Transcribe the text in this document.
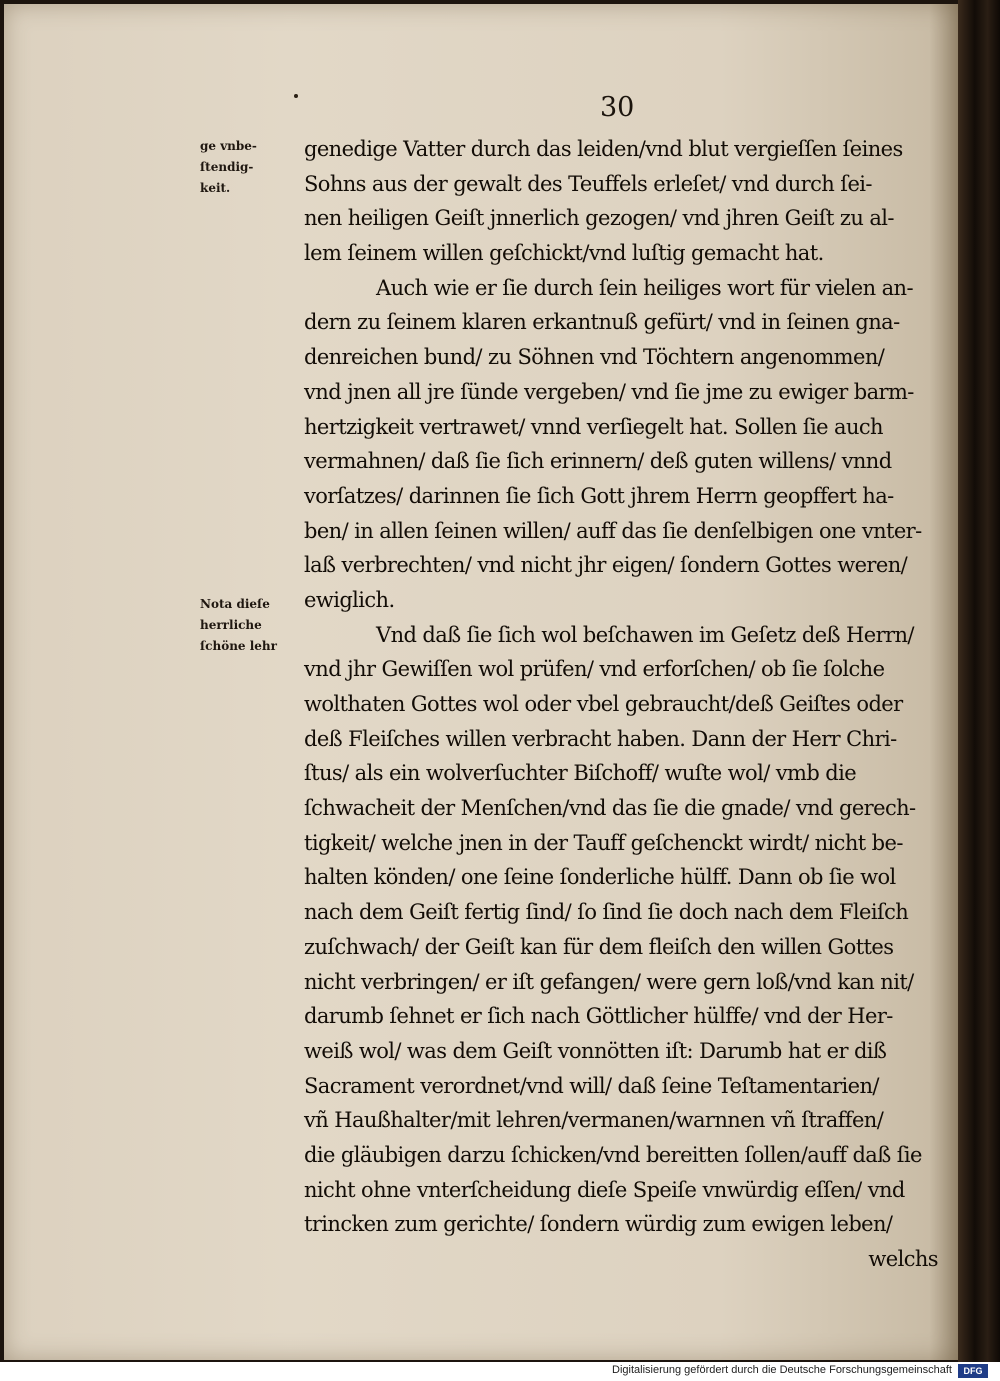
30
ge vnbe-
ſtendig-
keit.
Nota dieſe
herrliche
ſchöne lehr
genedige Vatter durch das leiden/vnd blut vergieſſen ſeines
Sohns aus der gewalt des Teuffels erleſet/ vnd durch ſei-
nen heiligen Geiſt jnnerlich gezogen/ vnd jhren Geiſt zu al-
lem ſeinem willen geſchickt/vnd luſtig gemacht hat.
Auch wie er ſie durch ſein heiliges wort für vielen an-
dern zu ſeinem klaren erkantnuß gefürt/ vnd in ſeinen gna-
denreichen bund/ zu Söhnen vnd Töchtern angenommen/
vnd jnen all jre ſünde vergeben/ vnd ſie jme zu ewiger barm-
hertzigkeit vertrawet/ vnnd verſiegelt hat. Sollen ſie auch
vermahnen/ daß ſie ſich erinnern/ deß guten willens/ vnnd
vorſatzes/ darinnen ſie ſich Gott jhrem Herrn geopffert ha-
ben/ in allen ſeinen willen/ auff das ſie denſelbigen one vnter-
laß verbrechten/ vnd nicht jhr eigen/ ſondern Gottes weren/
ewiglich.
Vnd daß ſie ſich wol beſchawen im Geſetz deß Herrn/
vnd jhr Gewiſſen wol prüfen/ vnd erforſchen/ ob ſie ſolche
wolthaten Gottes wol oder vbel gebraucht/deß Geiſtes oder
deß Fleiſches willen verbracht haben. Dann der Herr Chri-
ſtus/ als ein wolverſuchter Biſchoff/ wuſte wol/ vmb die
ſchwacheit der Menſchen/vnd das ſie die gnade/ vnd gerech-
tigkeit/ welche jnen in der Tauff geſchenckt wirdt/ nicht be-
halten könden/ one ſeine ſonderliche hülff. Dann ob ſie wol
nach dem Geiſt fertig ſind/ ſo ſind ſie doch nach dem Fleiſch
zuſchwach/ der Geiſt kan für dem fleiſch den willen Gottes
nicht verbringen/ er iſt gefangen/ were gern loß/vnd kan nit/
darumb ſehnet er ſich nach Göttlicher hülffe/ vnd der Her-
weiß wol/ was dem Geiſt vonnötten iſt: Darumb hat er diß
Sacrament verordnet/vnd will/ daß ſeine Teſtamentarien/
vñ Haußhalter/mit lehren/vermanen/warnnen vñ ſtraffen/
die gläubigen darzu ſchicken/vnd bereitten ſollen/auff daß ſie
nicht ohne vnterſcheidung dieſe Speiſe vnwürdig eſſen/ vnd
trincken zum gerichte/ ſondern würdig zum ewigen leben/
welchs
Digitalisierung gefördert durch die Deutsche Forschungsgemeinschaft	DFG
